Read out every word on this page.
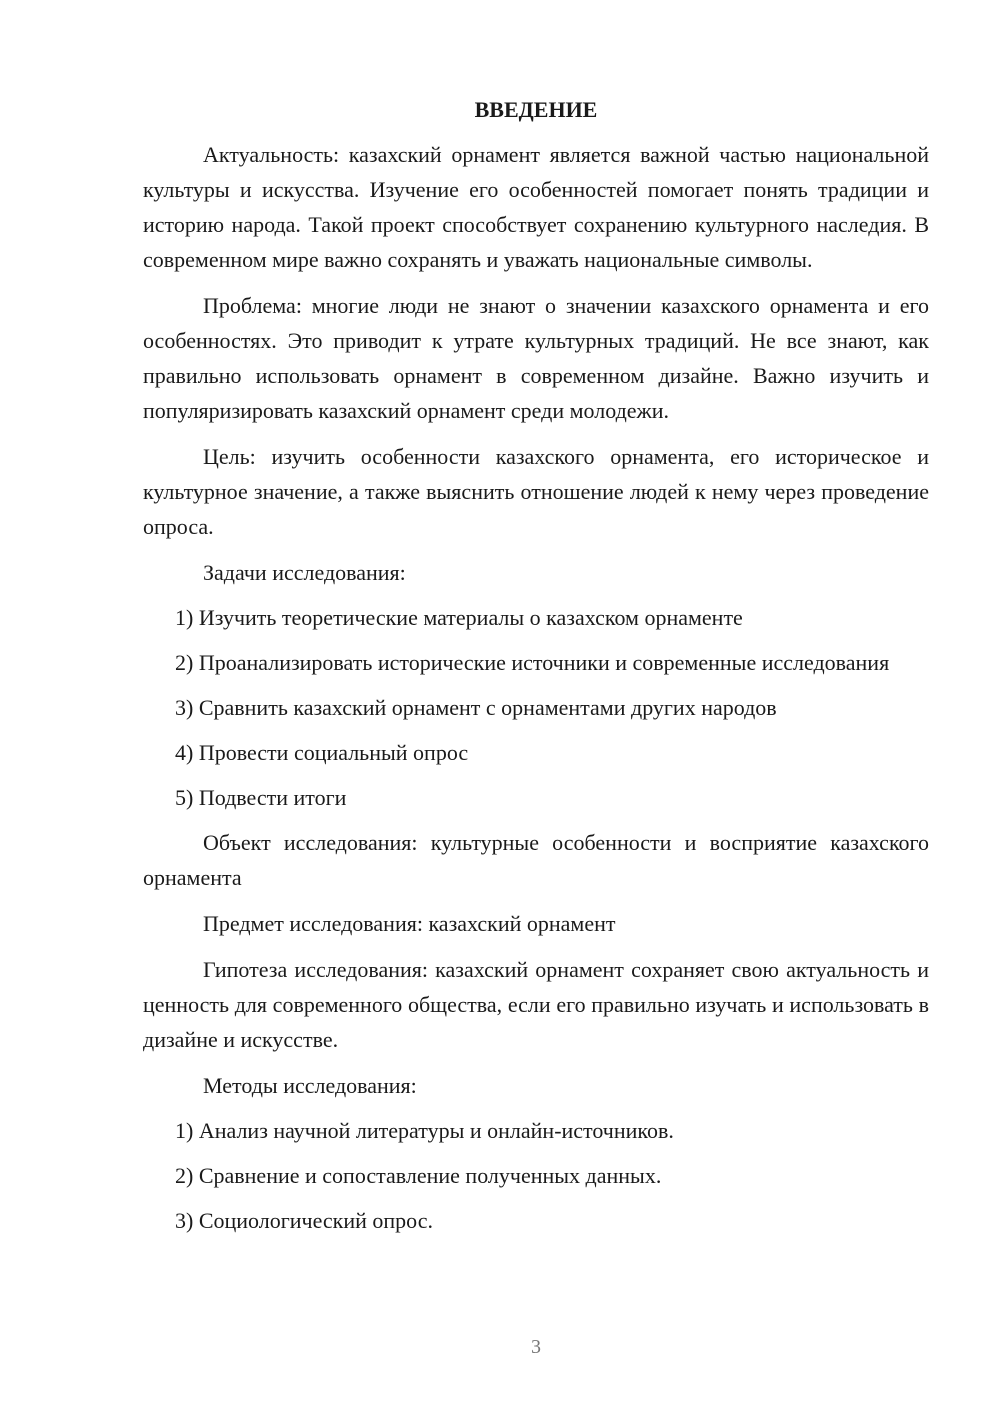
ВВЕДЕНИЕ

Актуальность: казахский орнамент является важной частью национальной культуры и искусства. Изучение его особенностей помогает понять традиции и историю народа. Такой проект способствует сохранению культурного наследия. В современном мире важно сохранять и уважать национальные символы.

Проблема: многие люди не знают о значении казахского орнамента и его особенностях. Это приводит к утрате культурных традиций. Не все знают, как правильно использовать орнамент в современном дизайне. Важно изучить и популяризировать казахский орнамент среди молодежи.

Цель: изучить особенности казахского орнамента, его историческое и культурное значение, а также выяснить отношение людей к нему через проведение опроса.

Задачи исследования:

1) Изучить теоретические материалы о казахском орнаменте

2) Проанализировать исторические источники и современные исследования

3) Сравнить казахский орнамент с орнаментами других народов

4) Провести социальный опрос

5) Подвести итоги

Объект исследования: культурные особенности и восприятие казахского орнамента

Предмет исследования: казахский орнамент

Гипотеза исследования: казахский орнамент сохраняет свою актуальность и ценность для современного общества, если его правильно изучать и использовать в дизайне и искусстве.

Методы исследования:

1) Анализ научной литературы и онлайн-источников.

2) Сравнение и сопоставление полученных данных.

3) Социологический опрос.

3
